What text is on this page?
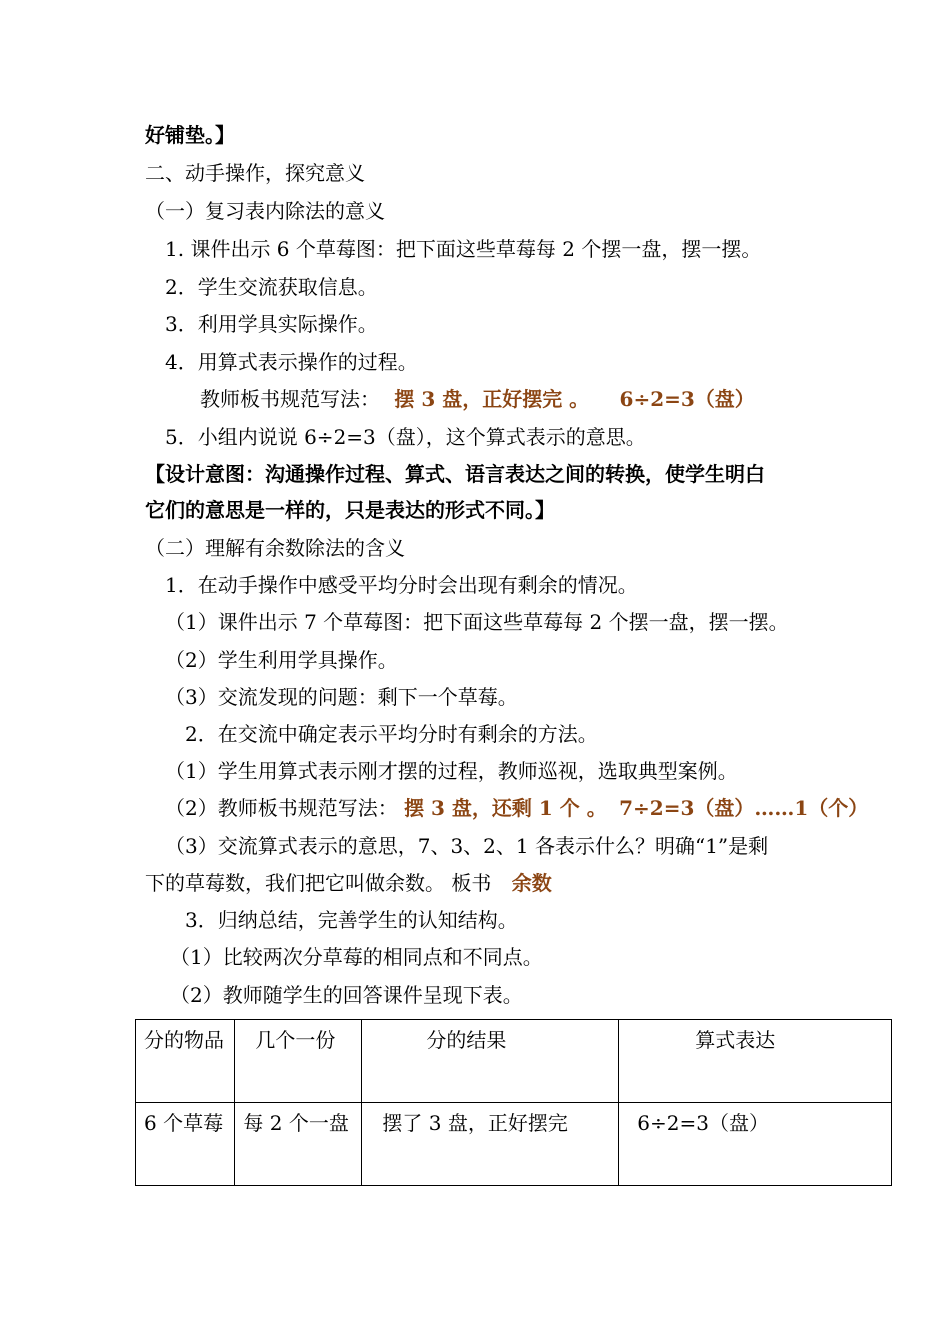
好铺垫。】
二、动手操作，探究意义
（一）复习表内除法的意义
1. 课件出示 6 个草莓图：把下面这些草莓每 2 个摆一盘，摆一摆。
2．学生交流获取信息。
3．利用学具实际操作。
4．用算式表示操作的过程。
教师板书规范写法： 摆 3 盘，正好摆完 。 6÷2=3（盘）
5．小组内说说 6÷2=3（盘），这个算式表示的意思。
【设计意图：沟通操作过程、算式、语言表达之间的转换，使学生明白
它们的意思是一样的，只是表达的形式不同。】
（二）理解有余数除法的含义
1．在动手操作中感受平均分时会出现有剩余的情况。
（1）课件出示 7 个草莓图：把下面这些草莓每 2 个摆一盘，摆一摆。
（2）学生利用学具操作。
（3）交流发现的问题：剩下一个草莓。
2．在交流中确定表示平均分时有剩余的方法。
（1）学生用算式表示刚才摆的过程，教师巡视，选取典型案例。
（2）教师板书规范写法： 摆 3 盘，还剩 1 个 。 7÷2=3（盘）……1（个）
（3）交流算式表示的意思，7、3、2、1 各表示什么？明确“1”是剩
下的草莓数，我们把它叫做余数。 板书 余数
3．归纳总结，完善学生的认知结构。
（1）比较两次分草莓的相同点和不同点。
（2）教师随学生的回答课件呈现下表。
分的物品	几个一份	分的结果	算式表达
6 个草莓	每 2 个一盘	摆了 3 盘，正好摆完	6÷2=3（盘）
